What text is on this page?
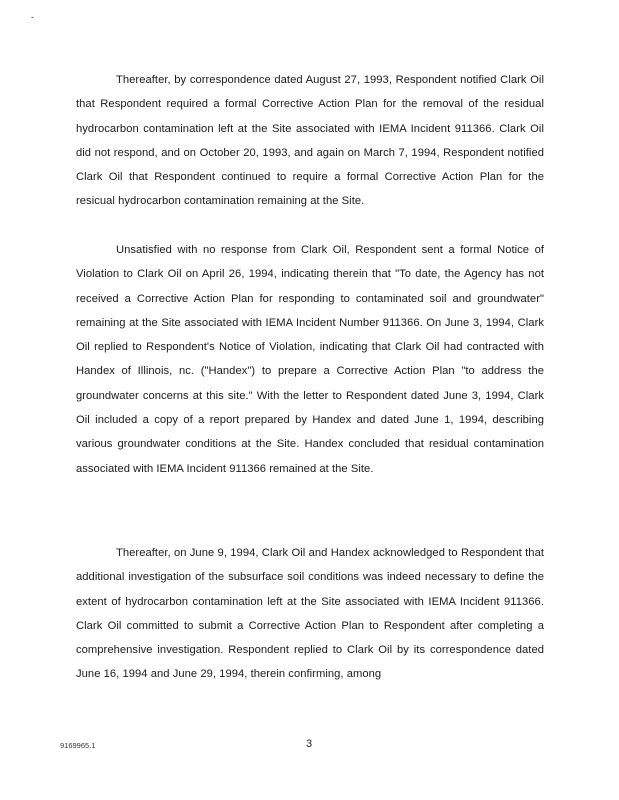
-

Thereafter, by correspondence dated August 27, 1993, Respondent notified Clark Oil that Respondent required a formal Corrective Action Plan for the removal of the residual hydrocarbon contamination left at the Site associated with IEMA Incident 911366. Clark Oil did not respond, and on October 20, 1993, and again on March 7, 1994, Respondent notified Clark Oil that Respondent continued to require a formal Corrective Action Plan for the resicual hydrocarbon contamination remaining at the Site.

Unsatisfied with no response from Clark Oil, Respondent sent a formal Notice of Violation to Clark Oil on April 26, 1994, indicating therein that "To date, the Agency has not received a Corrective Action Plan for responding to contaminated soil and groundwater" remaining at the Site associated with IEMA Incident Number 911366. On June 3, 1994, Clark Oil replied to Respondent's Notice of Violation, indicating that Clark Oil had contracted with Handex of Illinois, nc. ("Handex") to prepare a Corrective Action Plan "to address the groundwater concerns at this site." With the letter to Respondent dated June 3, 1994, Clark Oil included a copy of a report prepared by Handex and dated June 1, 1994, describing various groundwater conditions at the Site. Handex concluded that residual contamination associated with IEMA Incident 911366 remained at the Site.

Thereafter, on June 9, 1994, Clark Oil and Handex acknowledged to Respondent that additional investigation of the subsurface soil conditions was indeed necessary to define the extent of hydrocarbon contamination left at the Site associated with IEMA Incident 911366. Clark Oil committed to submit a Corrective Action Plan to Respondent after completing a comprehensive investigation. Respondent replied to Clark Oil by its correspondence dated June 16, 1994 and June 29, 1994, therein confirming, among

9169965.1	3
